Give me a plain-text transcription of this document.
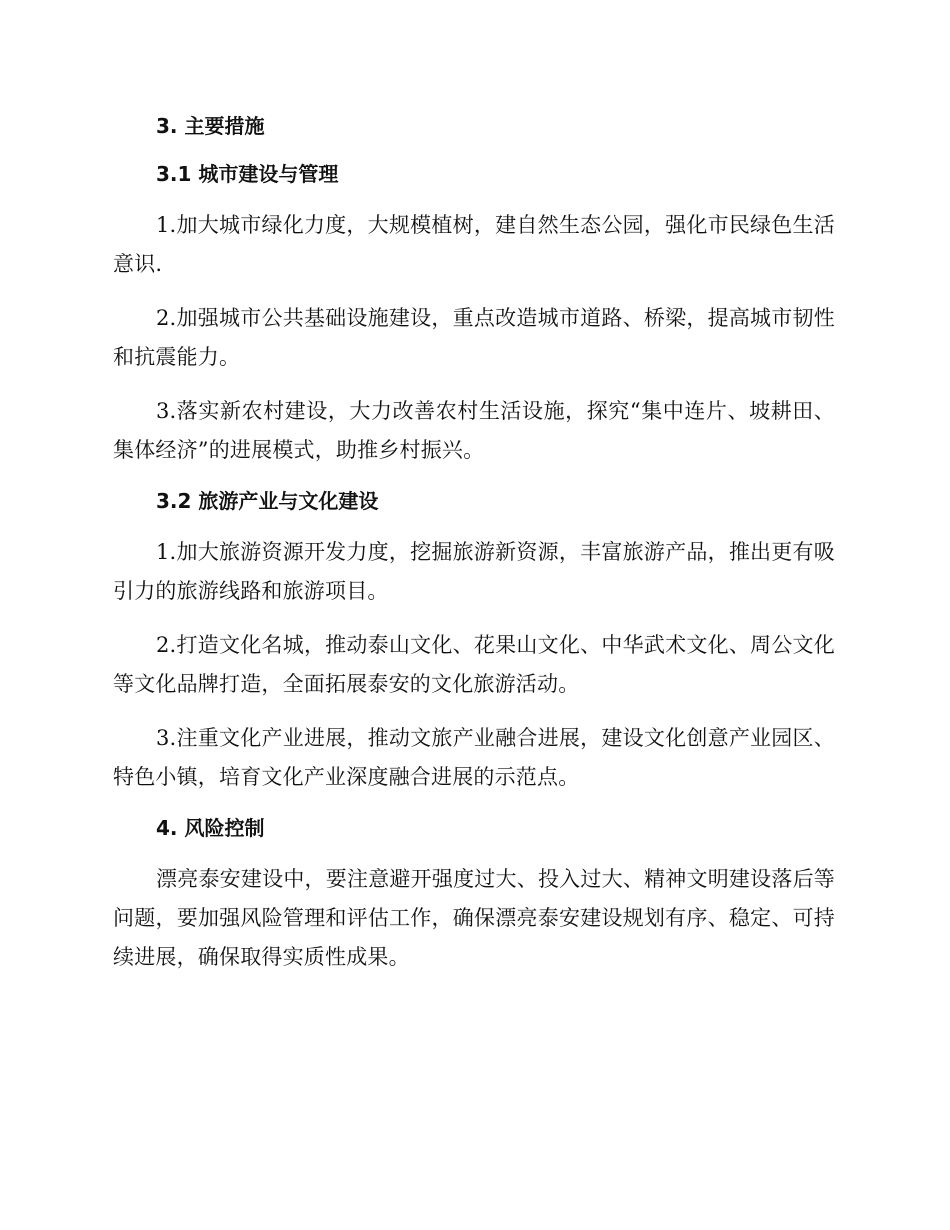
3. 主要措施
3.1 城市建设与管理

1.加大城市绿化力度，大规模植树，建自然生态公园，强化市民绿色生活意识.

2.加强城市公共基础设施建设，重点改造城市道路、桥梁，提高城市韧性和抗震能力。

3.落实新农村建设，大力改善农村生活设施，探究“集中连片、坡耕田、集体经济”的进展模式，助推乡村振兴。

3.2 旅游产业与文化建设

1.加大旅游资源开发力度，挖掘旅游新资源，丰富旅游产品，推出更有吸引力的旅游线路和旅游项目。

2.打造文化名城，推动泰山文化、花果山文化、中华武术文化、周公文化等文化品牌打造，全面拓展泰安的文化旅游活动。

3.注重文化产业进展，推动文旅产业融合进展，建设文化创意产业园区、特色小镇，培育文化产业深度融合进展的示范点。

4. 风险控制

漂亮泰安建设中，要注意避开强度过大、投入过大、精神文明建设落后等问题，要加强风险管理和评估工作，确保漂亮泰安建设规划有序、稳定、可持续进展，确保取得实质性成果。
